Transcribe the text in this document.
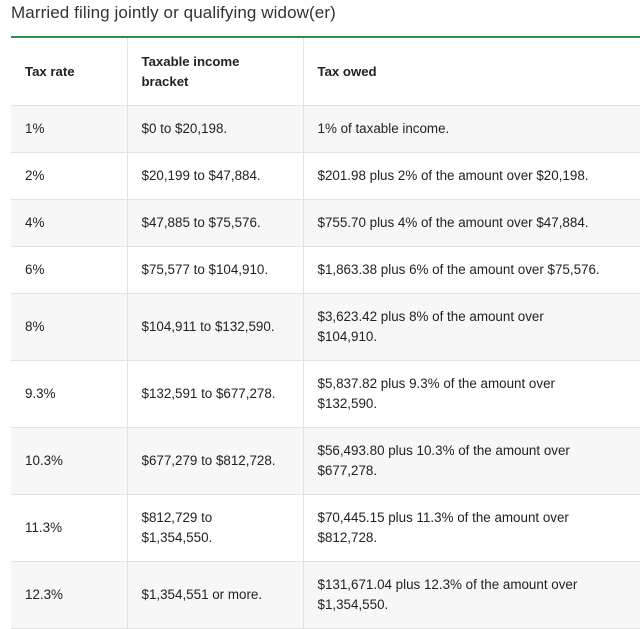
Married filing jointly or qualifying widow(er)
Tax rate	Taxable income bracket	Tax owed
1%	$0 to $20,198.	1% of taxable income.
2%	$20,199 to $47,884.	$201.98 plus 2% of the amount over $20,198.
4%	$47,885 to $75,576.	$755.70 plus 4% of the amount over $47,884.
6%	$75,577 to $104,910.	$1,863.38 plus 6% of the amount over $75,576.
8%	$104,911 to $132,590.	$3,623.42 plus 8% of the amount over $104,910.
9.3%	$132,591 to $677,278.	$5,837.82 plus 9.3% of the amount over $132,590.
10.3%	$677,279 to $812,728.	$56,493.80 plus 10.3% of the amount over $677,278.
11.3%	$812,729 to $1,354,550.	$70,445.15 plus 11.3% of the amount over $812,728.
12.3%	$1,354,551 or more.	$131,671.04 plus 12.3% of the amount over $1,354,550.
